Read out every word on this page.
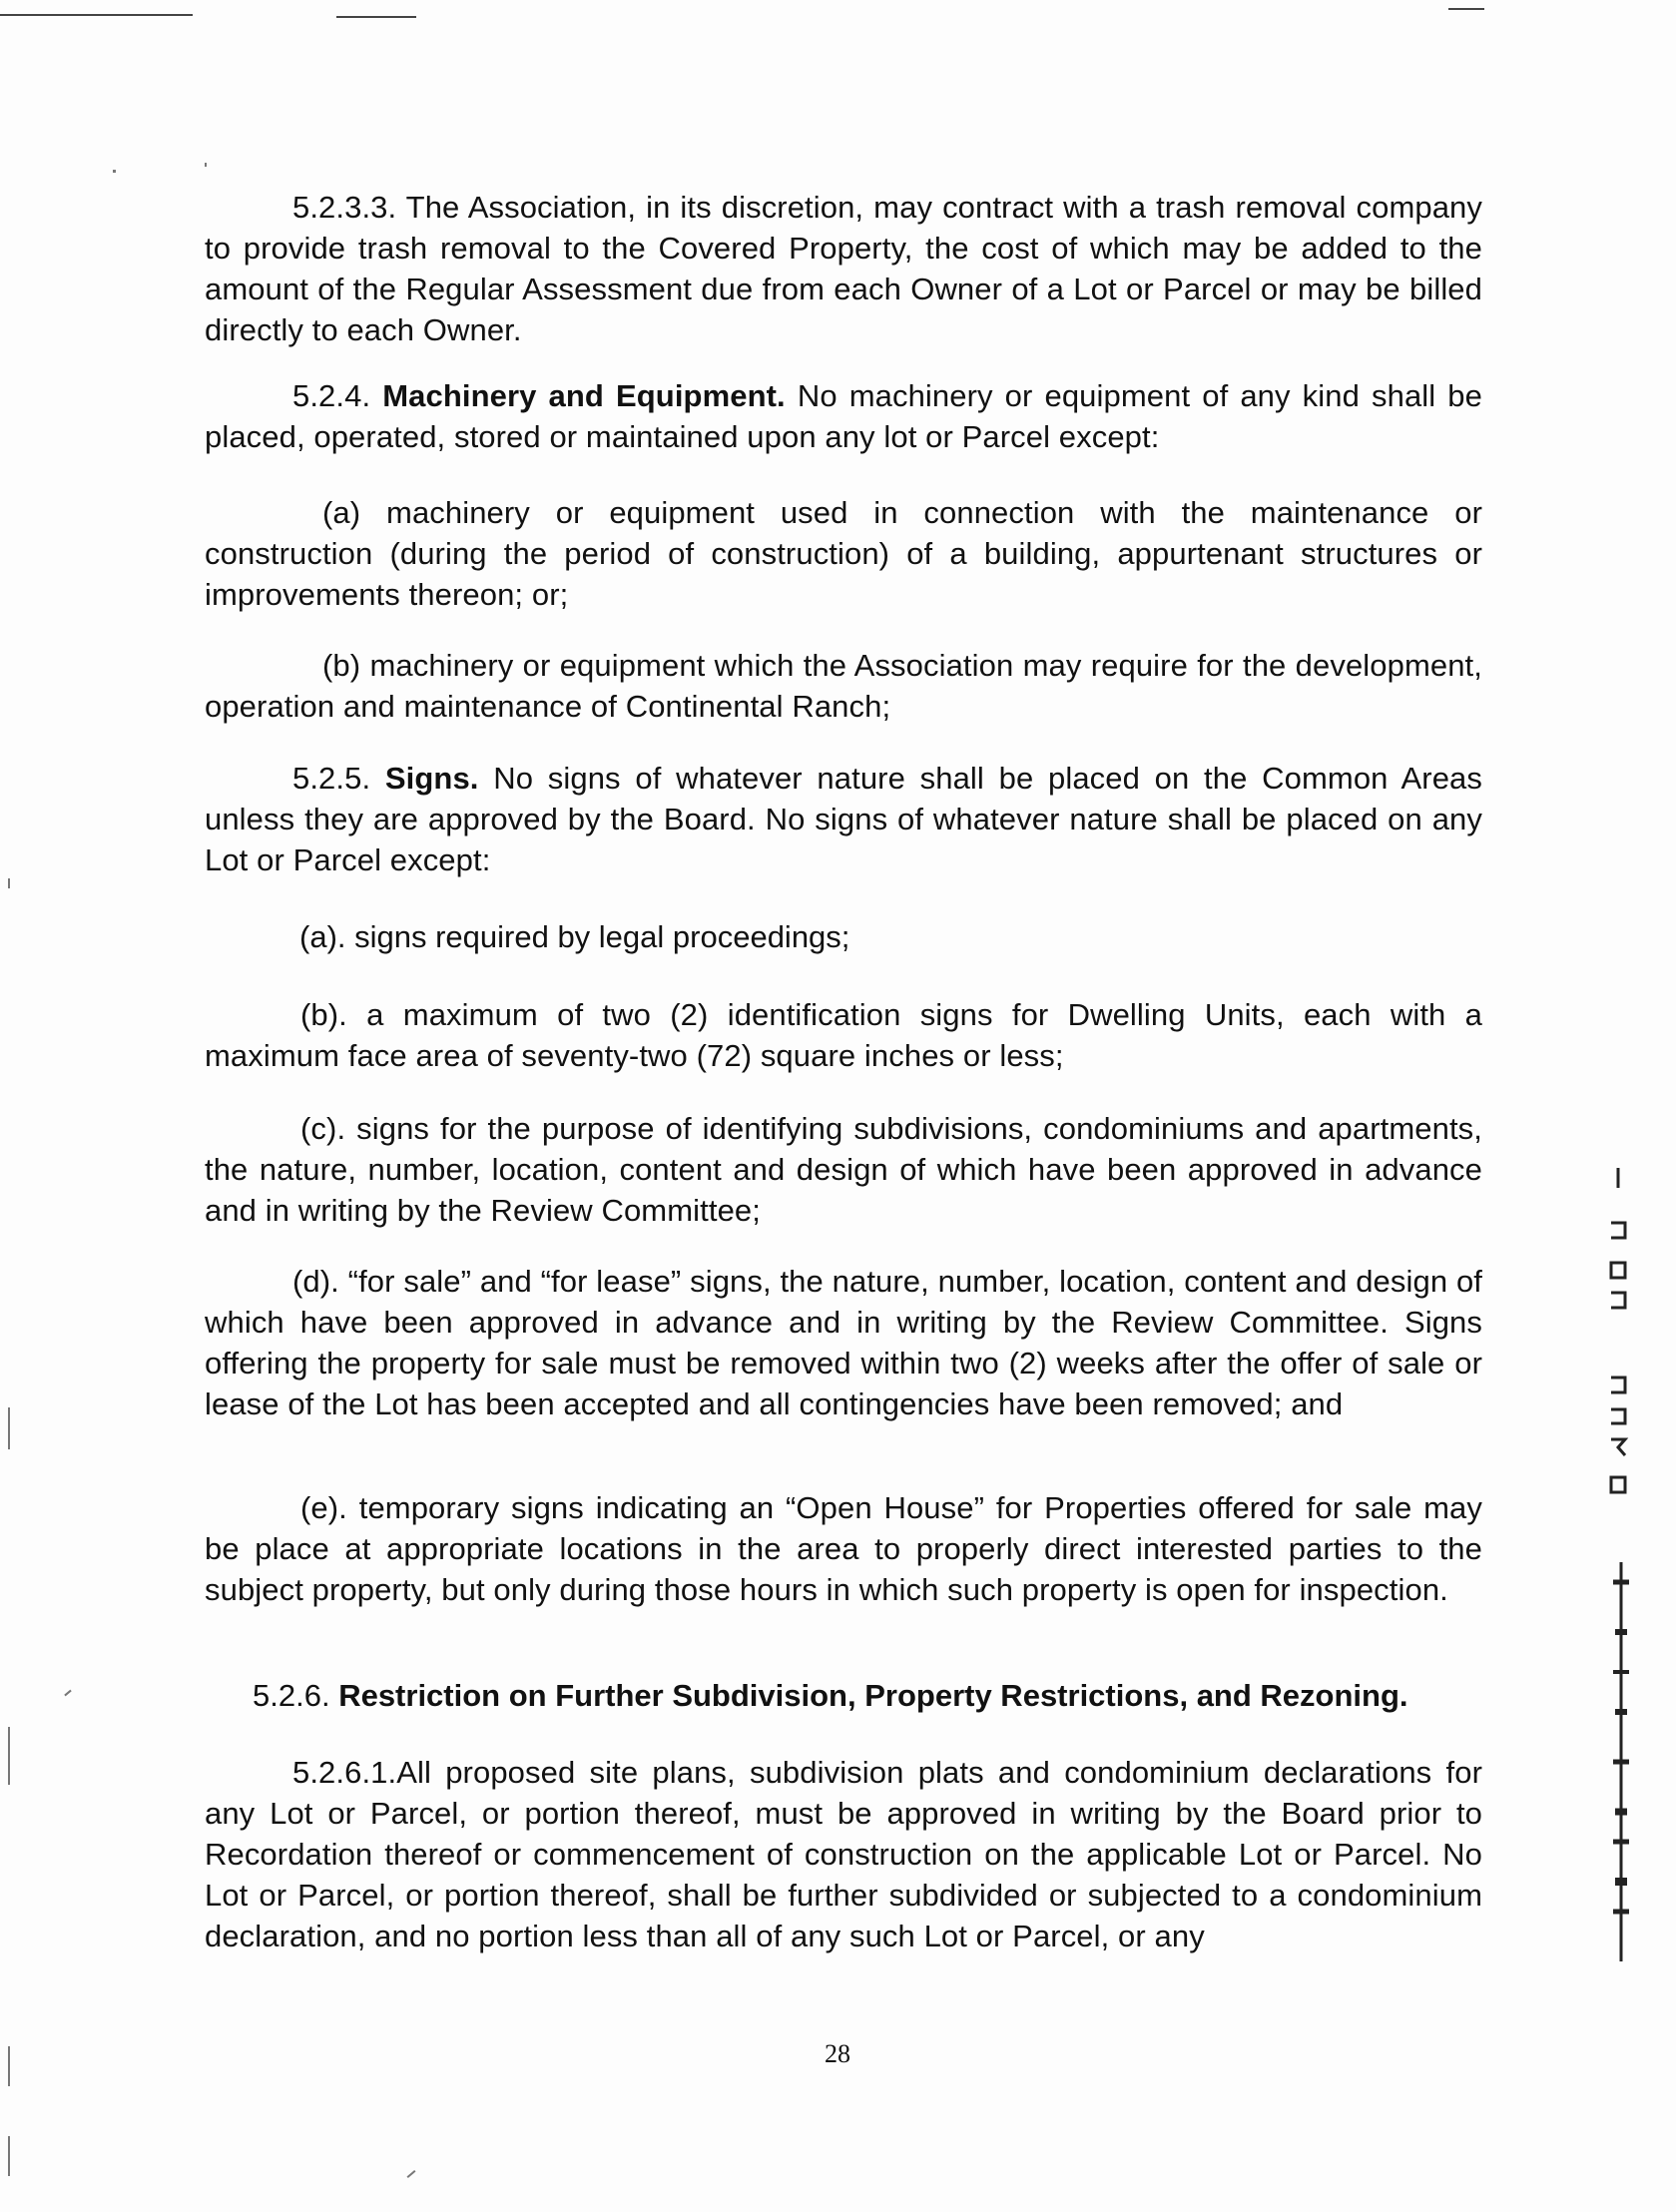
5.2.3.3. The Association, in its discretion, may contract with a trash removal company to provide trash removal to the Covered Property, the cost of which may be added to the amount of the Regular Assessment due from each Owner of a Lot or Parcel or may be billed directly to each Owner.
5.2.4. Machinery and Equipment. No machinery or equipment of any kind shall be placed, operated, stored or maintained upon any lot or Parcel except:
(a) machinery or equipment used in connection with the maintenance or construction (during the period of construction) of a building, appurtenant structures or improvements thereon; or;
(b) machinery or equipment which the Association may require for the development, operation and maintenance of Continental Ranch;
5.2.5. Signs. No signs of whatever nature shall be placed on the Common Areas unless they are approved by the Board. No signs of whatever nature shall be placed on any Lot or Parcel except:
(a). signs required by legal proceedings;
(b). a maximum of two (2) identification signs for Dwelling Units, each with a maximum face area of seventy-two (72) square inches or less;
(c). signs for the purpose of identifying subdivisions, condominiums and apartments, the nature, number, location, content and design of which have been approved in advance and in writing by the Review Committee;
(d). “for sale” and “for lease” signs, the nature, number, location, content and design of which have been approved in advance and in writing by the Review Committee. Signs offering the property for sale must be removed within two (2) weeks after the offer of sale or lease of the Lot has been accepted and all contingencies have been removed; and
(e). temporary signs indicating an “Open House” for Properties offered for sale may be place at appropriate locations in the area to properly direct interested parties to the subject property, but only during those hours in which such property is open for inspection.
5.2.6. Restriction on Further Subdivision, Property Restrictions, and Rezoning.
5.2.6.1.All proposed site plans, subdivision plats and condominium declarations for any Lot or Parcel, or portion thereof, must be approved in writing by the Board prior to Recordation thereof or commencement of construction on the applicable Lot or Parcel. No Lot or Parcel, or portion thereof, shall be further subdivided or subjected to a condominium declaration, and no portion less than all of any such Lot or Parcel, or any
28
